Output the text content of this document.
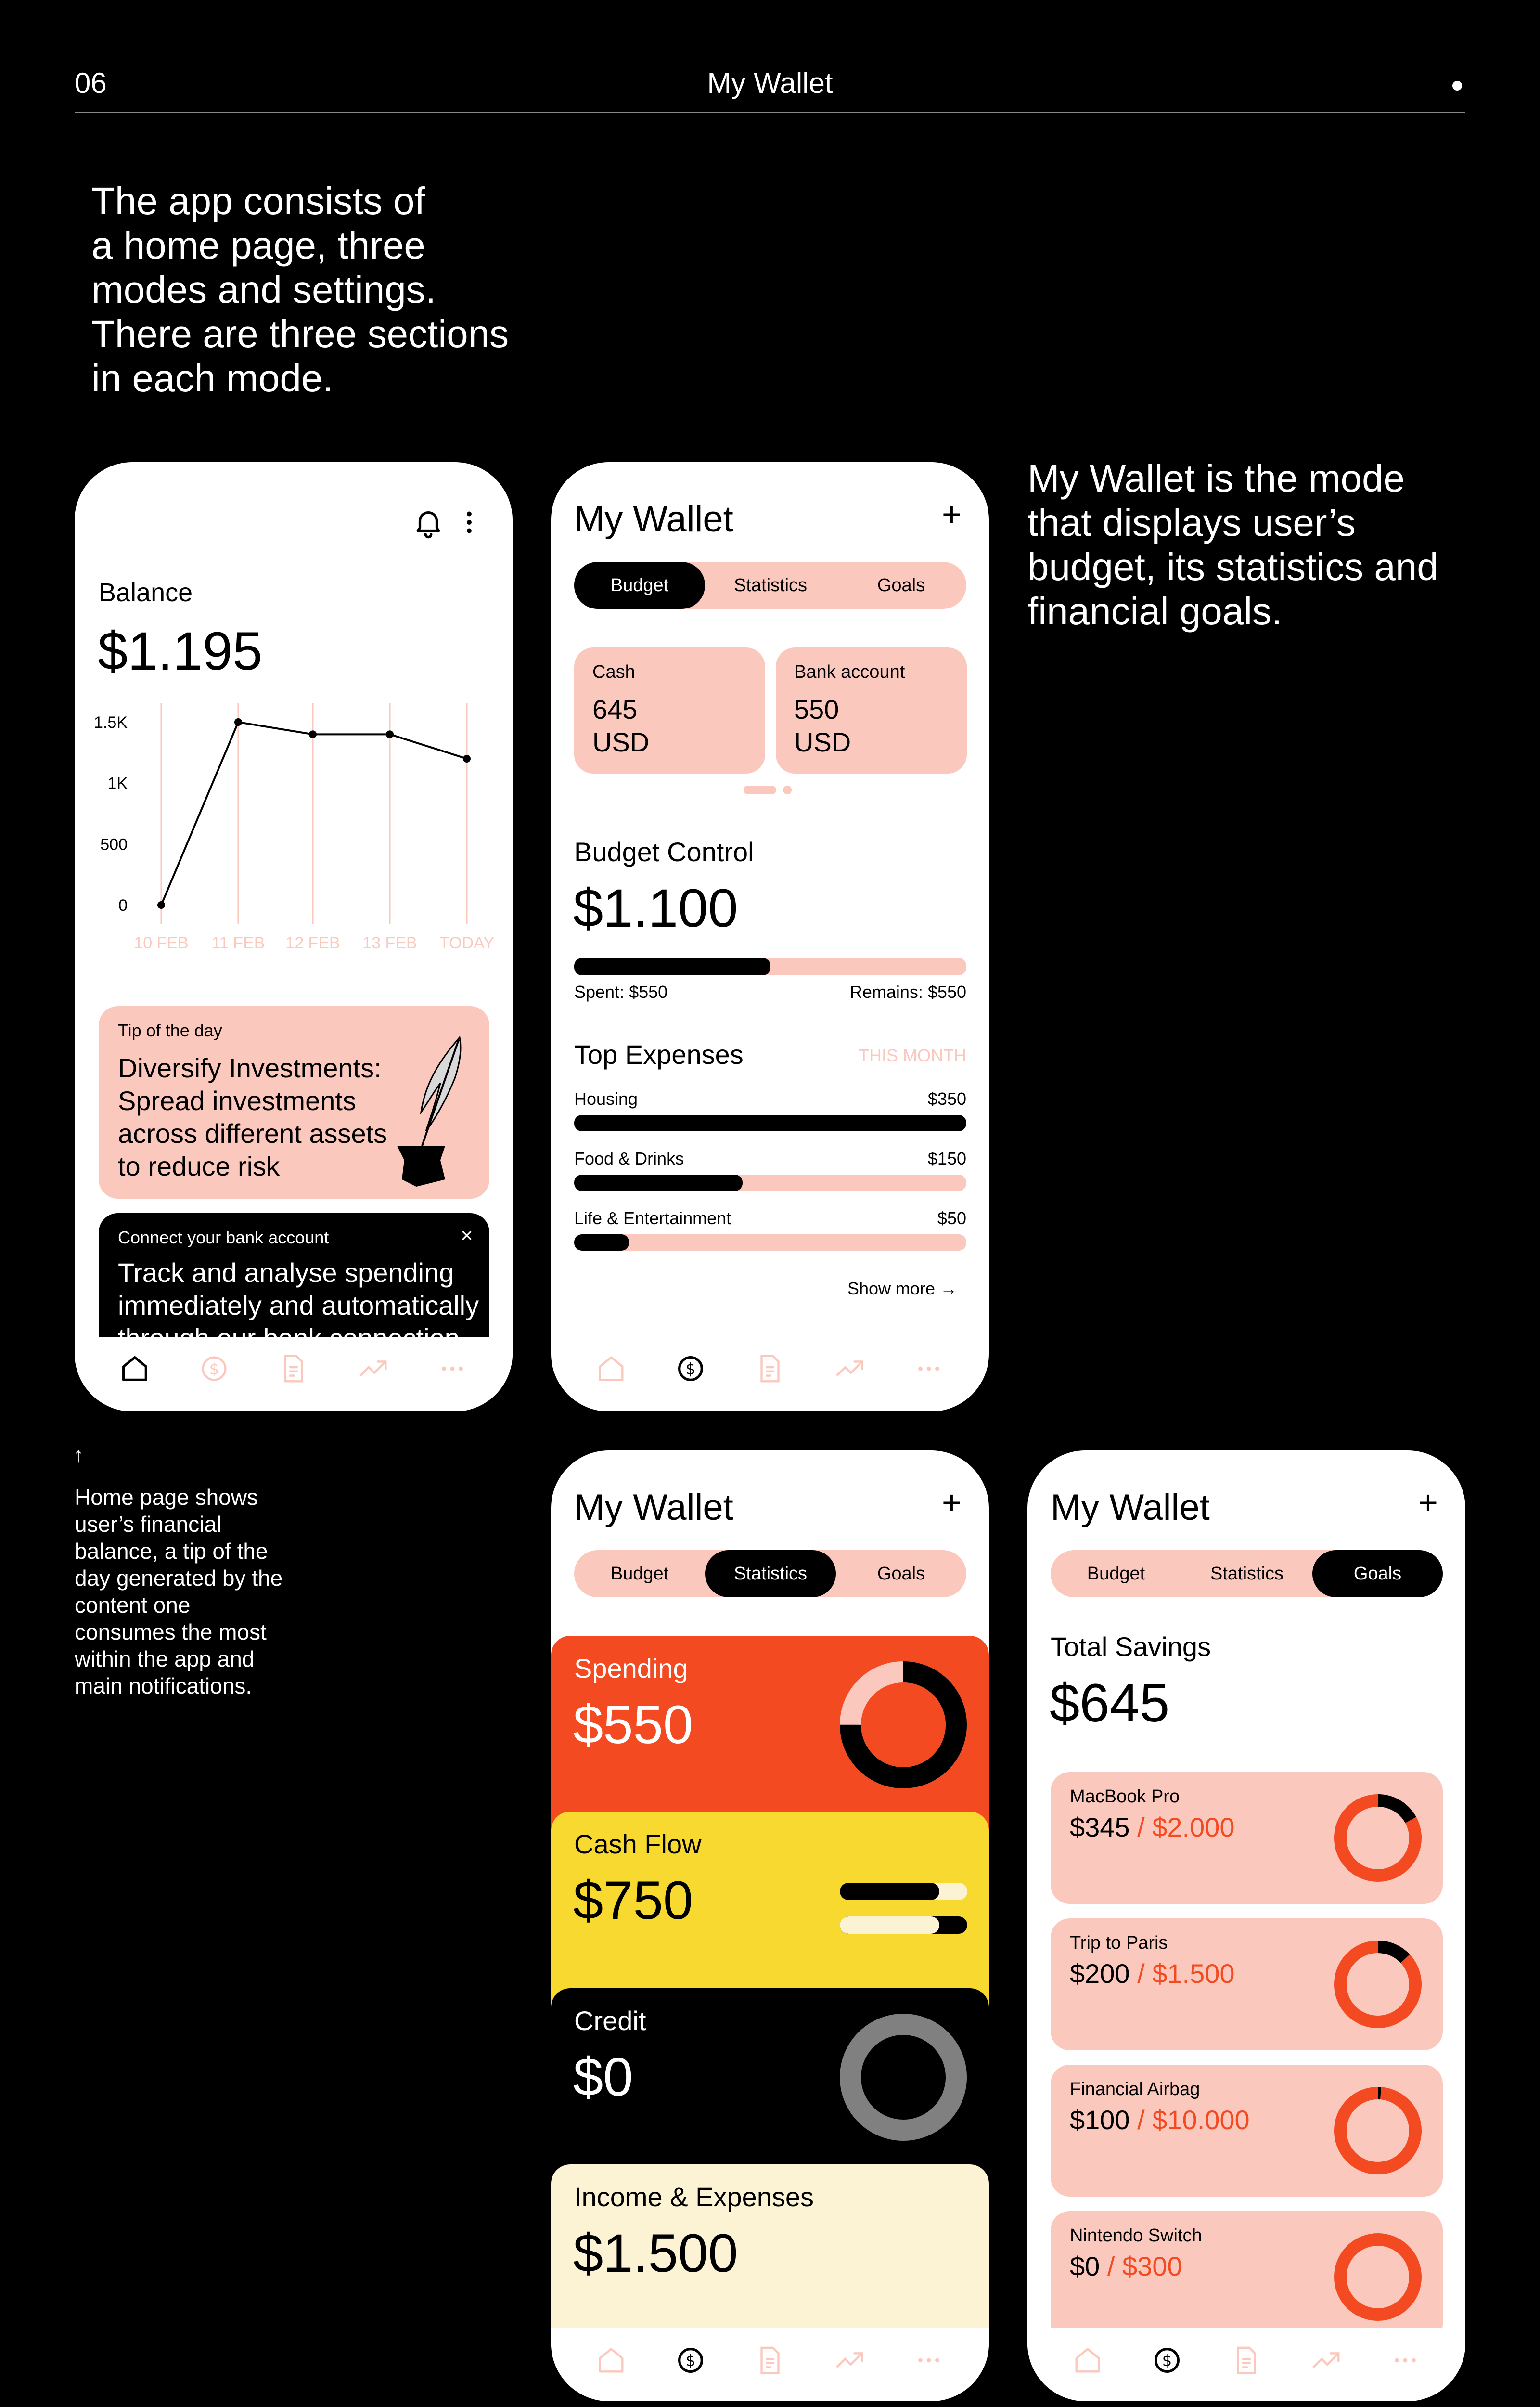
06	My Wallet
The app consists of
a home page, three
modes and settings.
There are three sections
in each mode.
My Wallet is the mode
that displays user’s
budget, its statistics and
financial goals.
↑
Home page shows
user’s financial
balance, a tip of the
day generated by the
content one
consumes the most
within the app and
main notifications.
Balance
$1.195
1.5K
1K
500
0
10 FEB 11 FEB 12 FEB 13 FEB TODAY
Tip of the day
Diversify Investments:
Spread investments
across different assets
to reduce risk
Connect your bank account	×
Track and analyse spending
immediately and automatically

$
My Wallet	+
Budget	Statistics	Goals
Cash
645
USD
Bank account
550
USD
Budget Control
$1.100
Spent: $550	Remains: $550
Top Expenses	THIS MONTH
Housing	$350
Food & Drinks	$150
Life & Entertainment	$50
Show more →
$
My Wallet	+
Budget	Statistics	Goals
Spending
$550
Cash Flow
$750
Credit
$0
Income & Expenses
$1.500
$
My Wallet	+
Budget	Statistics	Goals
Total Savings
$645
MacBook Pro
$345 / $2.000
Trip to Paris
$200 / $1.500
Financial Airbag
$100 / $10.000
Nintendo Switch
$0 / $300
$
